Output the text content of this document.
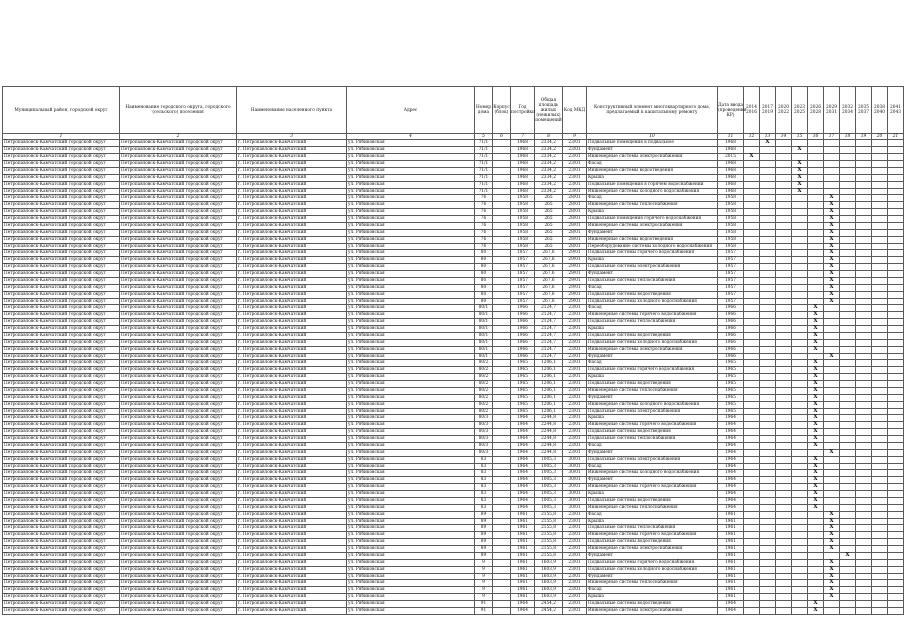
Муниципальный район, городской округ	Наименование городского округа, городского (сельского) поселения	Наименование населенного пункта	Адрес	Номер дома	Корпус (блок)	Год постройки	Общая площадь жилых (нежилых) помещений	Код МКД	Конструктивный элемент многоквартирного дома, предлагаемый к капитальному ремонту	Дата ввода (проведения КР)	2014 2016	2017 2019	2020 2022	2023 2025	2026 2028	2029 2031	2032 2034	2035 2037	2038 2040	2041 2043
1	2	3	4	5	6	7	8	9	10	11	12	13	14	15	16	17	18	19	20	21
Петропавловск-Камчатский городской округ	Петропавловск-Камчатский городской округ	г. Петропавловск-Камчатский	ул. Рябиковская	71/1		1968	2334,2	23/01	Подвальные помещения в подвальное	1968		X								
Петропавловск-Камчатский городской округ	Петропавловск-Камчатский городской округ	г. Петропавловск-Камчатский	ул. Рябиковская	71/1		1968	2334,2	23/01	Фундамент	1968				X						
Петропавловск-Камчатский городской округ	Петропавловск-Камчатский городской округ	г. Петропавловск-Камчатский	ул. Рябиковская	71/1		1968	2334,2	23/01	Инженерные системы электроснабжения	2015	X									
Петропавловск-Камчатский городской округ	Петропавловск-Камчатский городской округ	г. Петропавловск-Камчатский	ул. Рябиковская	71/1		1968	2334,2	23/01	Фасад	1968				X						
Петропавловск-Камчатский городской округ	Петропавловск-Камчатский городской округ	г. Петропавловск-Камчатский	ул. Рябиковская	71/1		1968	2334,2	23/01	Инженерные системы водоотведения	1968				X						
Петропавловск-Камчатский городской округ	Петропавловск-Камчатский городской округ	г. Петропавловск-Камчатский	ул. Рябиковская	71/1		1968	2334,2	23/01	Крыша	1968				X						
Петропавловск-Камчатский городской округ	Петропавловск-Камчатский городской округ	г. Петропавловск-Камчатский	ул. Рябиковская	71/1		1968	2334,2	23/01	Подвальные помещения в горячем водоснабжении	1968				X						
Петропавловск-Камчатский городской округ	Петропавловск-Камчатский городской округ	г. Петропавловск-Камчатский	ул. Рябиковская	71/1		1968	2334,2	23/01	Инженерные системы холодного водоснабжения	1968				X						
Петропавловск-Камчатский городской округ	Петропавловск-Камчатский городской округ	г. Петропавловск-Камчатский	ул. Рябиковская	76		1958	265	28/01	Фасад	1958						X				
Петропавловск-Камчатский городской округ	Петропавловск-Камчатский городской округ	г. Петропавловск-Камчатский	ул. Рябиковская	76		1958	265	28/01	Инженерные системы теплоснабжения	1958						X				
Петропавловск-Камчатский городской округ	Петропавловск-Камчатский городской округ	г. Петропавловск-Камчатский	ул. Рябиковская	76		1958	265	28/01	Крыша	1958						X				
Петропавловск-Камчатский городской округ	Петропавловск-Камчатский городской округ	г. Петропавловск-Камчатский	ул. Рябиковская	76		1958	265	28/01	Подвальные помещения горячего водоснабжения	1958						X				
Петропавловск-Камчатский городской округ	Петропавловск-Камчатский городской округ	г. Петропавловск-Камчатский	ул. Рябиковская	76		1958	265	28/01	Инженерные системы электроснабжения	1958						X				
Петропавловск-Камчатский городской округ	Петропавловск-Камчатский городской округ	г. Петропавловск-Камчатский	ул. Рябиковская	76		1958	265	28/01	Фундамент	1958						X				
Петропавловск-Камчатский городской округ	Петропавловск-Камчатский городской округ	г. Петропавловск-Камчатский	ул. Рябиковская	76		1958	265	28/01	Инженерные системы водоотведения	1958						X				
Петропавловск-Камчатский городской округ	Петропавловск-Камчатский городской округ	г. Петропавловск-Камчатский	ул. Рябиковская	76		1958	265	28/01	Переоборудование системы холодного водоснабжения	1958						X				
Петропавловск-Камчатский городской округ	Петропавловск-Камчатский городской округ	г. Петропавловск-Камчатский	ул. Рябиковская	80		1957	267,6	29/01	Подвальные системы горячего водоснабжения	1957						X				
Петропавловск-Камчатский городской округ	Петропавловск-Камчатский городской округ	г. Петропавловск-Камчатский	ул. Рябиковская	80		1957	267,6	29/01	Крыша	1957						X				
Петропавловск-Камчатский городской округ	Петропавловск-Камчатский городской округ	г. Петропавловск-Камчатский	ул. Рябиковская	80		1957	267,6	29/01	Подвальные системы электроснабжения	1957						X				
Петропавловск-Камчатский городской округ	Петропавловск-Камчатский городской округ	г. Петропавловск-Камчатский	ул. Рябиковская	80		1957	267,6	29/01	Фундамент	1957						X				
Петропавловск-Камчатский городской округ	Петропавловск-Камчатский городской округ	г. Петропавловск-Камчатский	ул. Рябиковская	80		1957	267,6	29/01	Подвальные системы теплоснабжения	1957						X				
Петропавловск-Камчатский городской округ	Петропавловск-Камчатский городской округ	г. Петропавловск-Камчатский	ул. Рябиковская	80		1957	267,6	29/01	Фасад	1957						X				
Петропавловск-Камчатский городской округ	Петропавловск-Камчатский городской округ	г. Петропавловск-Камчатский	ул. Рябиковская	80		1957	267,6	29/01	Подвальные системы водоотведения	1957						X				
Петропавловск-Камчатский городской округ	Петропавловск-Камчатский городской округ	г. Петропавловск-Камчатский	ул. Рябиковская	80		1957	267,6	29/01	Подвальные системы холодного водоснабжения	1957						X				
Петропавловск-Камчатский городской округ	Петропавловск-Камчатский городской округ	г. Петропавловск-Камчатский	ул. Рябиковская	80/1		1966	2124,7	23/01	Фасад	1966					X					
Петропавловск-Камчатский городской округ	Петропавловск-Камчатский городской округ	г. Петропавловск-Камчатский	ул. Рябиковская	80/1		1966	2124,7	23/01	Инженерные системы горячего водоснабжения	1966					X					
Петропавловск-Камчатский городской округ	Петропавловск-Камчатский городской округ	г. Петропавловск-Камчатский	ул. Рябиковская	80/1		1966	2124,7	23/01	Подвальные системы теплоснабжения	1966					X					
Петропавловск-Камчатский городской округ	Петропавловск-Камчатский городской округ	г. Петропавловск-Камчатский	ул. Рябиковская	80/1		1966	2124,7	23/01	Крыша	1966					X					
Петропавловск-Камчатский городской округ	Петропавловск-Камчатский городской округ	г. Петропавловск-Камчатский	ул. Рябиковская	80/1		1966	2124,7	23/01	Подвальные системы водоотведения	1966					X					
Петропавловск-Камчатский городской округ	Петропавловск-Камчатский городской округ	г. Петропавловск-Камчатский	ул. Рябиковская	80/1		1966	2124,7	23/01	Подвальные системы холодного водоснабжения	1966					X					
Петропавловск-Камчатский городской округ	Петропавловск-Камчатский городской округ	г. Петропавловск-Камчатский	ул. Рябиковская	80/1		1966	2124,7	23/01	Инженерные системы электроснабжения	1966					X					
Петропавловск-Камчатский городской округ	Петропавловск-Камчатский городской округ	г. Петропавловск-Камчатский	ул. Рябиковская	80/1		1966	2124,7	23/01	Фундамент	1966						X				
Петропавловск-Камчатский городской округ	Петропавловск-Камчатский городской округ	г. Петропавловск-Камчатский	ул. Рябиковская	80/2		1965	1206,1	23/01	Фасад	1965					X					
Петропавловск-Камчатский городской округ	Петропавловск-Камчатский городской округ	г. Петропавловск-Камчатский	ул. Рябиковская	80/2		1965	1206,1	23/01	Подвальные системы горячего водоснабжения	1965					X					
Петропавловск-Камчатский городской округ	Петропавловск-Камчатский городской округ	г. Петропавловск-Камчатский	ул. Рябиковская	80/2		1965	1206,1	23/01	Крыша	1965					X					
Петропавловск-Камчатский городской округ	Петропавловск-Камчатский городской округ	г. Петропавловск-Камчатский	ул. Рябиковская	80/2		1965	1206,1	23/01	Подвальные системы водоотведения	1965					X					
Петропавловск-Камчатский городской округ	Петропавловск-Камчатский городской округ	г. Петропавловск-Камчатский	ул. Рябиковская	80/2		1965	1206,1	23/01	Инженерные системы теплоснабжения	1965					X					
Петропавловск-Камчатский городской округ	Петропавловск-Камчатский городской округ	г. Петропавловск-Камчатский	ул. Рябиковская	80/2		1965	1206,1	23/01	Фундамент	1965					X					
Петропавловск-Камчатский городской округ	Петропавловск-Камчатский городской округ	г. Петропавловск-Камчатский	ул. Рябиковская	80/2		1965	1206,1	23/01	Инженерные системы холодного водоснабжения	1965					X					
Петропавловск-Камчатский городской округ	Петропавловск-Камчатский городской округ	г. Петропавловск-Камчатский	ул. Рябиковская	80/2		1965	1206,1	23/01	Подвальные системы электроснабжения	1965					X					
Петропавловск-Камчатский городской округ	Петропавловск-Камчатский городской округ	г. Петропавловск-Камчатский	ул. Рябиковская	80/3		1964	2244,8	23/01	Крыша	1964					X					
Петропавловск-Камчатский городской округ	Петропавловск-Камчатский городской округ	г. Петропавловск-Камчатский	ул. Рябиковская	80/3		1964	2244,8	23/01	Инженерные системы горячего водоснабжения	1964					X					
Петропавловск-Камчатский городской округ	Петропавловск-Камчатский городской округ	г. Петропавловск-Камчатский	ул. Рябиковская	80/3		1964	2244,8	23/01	Подвальные системы водоотведения	1964					X					
Петропавловск-Камчатский городской округ	Петропавловск-Камчатский городской округ	г. Петропавловск-Камчатский	ул. Рябиковская	80/3		1964	2244,8	23/01	Подвальные системы теплоснабжения	1964					X					
Петропавловск-Камчатский городской округ	Петропавловск-Камчатский городской округ	г. Петропавловск-Камчатский	ул. Рябиковская	80/3		1964	2244,8	23/01	Фасад	1964					X					
Петропавловск-Камчатский городской округ	Петропавловск-Камчатский городской округ	г. Петропавловск-Камчатский	ул. Рябиковская	80/3		1964	2244,8	23/01	Фундамент	1964						X				
Петропавловск-Камчатский городской округ	Петропавловск-Камчатский городской округ	г. Петропавловск-Камчатский	ул. Рябиковская	83		1964	1005,3	30/01	Подвальные системы электроснабжения	1964					X					
Петропавловск-Камчатский городской округ	Петропавловск-Камчатский городской округ	г. Петропавловск-Камчатский	ул. Рябиковская	83		1964	1005,3	30/01	Фасад	1964					X					
Петропавловск-Камчатский городской округ	Петропавловск-Камчатский городской округ	г. Петропавловск-Камчатский	ул. Рябиковская	83		1964	1005,3	30/01	Инженерные системы холодного водоснабжения	1964					X					
Петропавловск-Камчатский городской округ	Петропавловск-Камчатский городской округ	г. Петропавловск-Камчатский	ул. Рябиковская	83		1964	1005,3	30/01	Фундамент	1964					X					
Петропавловск-Камчатский городской округ	Петропавловск-Камчатский городской округ	г. Петропавловск-Камчатский	ул. Рябиковская	83		1964	1005,3	30/01	Инженерные системы горячего водоснабжения	1964					X					
Петропавловск-Камчатский городской округ	Петропавловск-Камчатский городской округ	г. Петропавловск-Камчатский	ул. Рябиковская	83		1964	1005,3	30/01	Крыша	1964					X					
Петропавловск-Камчатский городской округ	Петропавловск-Камчатский городской округ	г. Петропавловск-Камчатский	ул. Рябиковская	83		1964	1005,3	30/01	Подвальные системы водоотведения	1964					X					
Петропавловск-Камчатский городской округ	Петропавловск-Камчатский городской округ	г. Петропавловск-Камчатский	ул. Рябиковская	83		1964	1005,3	30/01	Инженерные системы теплоснабжения	1964					X					
Петропавловск-Камчатский городской округ	Петропавловск-Камчатский городской округ	г. Петропавловск-Камчатский	ул. Рябиковская	89		1961	2155,8	23/01	Фасад	1961						X				
Петропавловск-Камчатский городской округ	Петропавловск-Камчатский городской округ	г. Петропавловск-Камчатский	ул. Рябиковская	89		1961	2155,8	23/01	Крыша	1961						X				
Петропавловск-Камчатский городской округ	Петропавловск-Камчатский городской округ	г. Петропавловск-Камчатский	ул. Рябиковская	89		1961	2155,8	23/01	Подвальные системы теплоснабжения	1961						X				
Петропавловск-Камчатский городской округ	Петропавловск-Камчатский городской округ	г. Петропавловск-Камчатский	ул. Рябиковская	89		1961	2155,8	23/01	Инженерные системы горячего водоснабжения	1961						X				
Петропавловск-Камчатский городской округ	Петропавловск-Камчатский городской округ	г. Петропавловск-Камчатский	ул. Рябиковская	89		1961	2155,8	23/01	Подвальные системы водоотведения	1961						X				
Петропавловск-Камчатский городской округ	Петропавловск-Камчатский городской округ	г. Петропавловск-Камчатский	ул. Рябиковская	89		1961	2155,8	23/01	Инженерные системы электроснабжения	1961						X				
Петропавловск-Камчатский городской округ	Петропавловск-Камчатский городской округ	г. Петропавловск-Камчатский	ул. Рябиковская	89		1961	2155,8	23/01	Фундамент	1961							X			
Петропавловск-Камчатский городской округ	Петропавловск-Камчатский городской округ	г. Петропавловск-Камчатский	ул. Рябиковская	9		1961	1603,9	23/01	Подвальные системы горячего водоснабжения	1961						X				
Петропавловск-Камчатский городской округ	Петропавловск-Камчатский городской округ	г. Петропавловск-Камчатский	ул. Рябиковская	9		1961	1603,9	23/01	Подвальные системы холодного водоснабжения	1961						X				
Петропавловск-Камчатский городской округ	Петропавловск-Камчатский городской округ	г. Петропавловск-Камчатский	ул. Рябиковская	9		1961	1603,9	23/01	Фундамент	1961						X				
Петропавловск-Камчатский городской округ	Петропавловск-Камчатский городской округ	г. Петропавловск-Камчатский	ул. Рябиковская	9		1961	1603,9	23/01	Инженерные системы теплоснабжения	1961						X				
Петропавловск-Камчатский городской округ	Петропавловск-Камчатский городской округ	г. Петропавловск-Камчатский	ул. Рябиковская	9		1961	1603,9	23/01	Фасад	1961						X				
Петропавловск-Камчатский городской округ	Петропавловск-Камчатский городской округ	г. Петропавловск-Камчатский	ул. Рябиковская	9		1961	1603,9	23/01	Крыша	1961						X				
Петропавловск-Камчатский городской округ	Петропавловск-Камчатский городской округ	г. Петропавловск-Камчатский	ул. Рябиковская	91		1964	2454,2	23/01	Подвальные системы водоотведения	1964					X					
Петропавловск-Камчатский городской округ	Петропавловск-Камчатский городской округ	г. Петропавловск-Камчатский	ул. Рябиковская	91		1964	2454,2	23/01	Инженерные системы электроснабжения	1964					X					
